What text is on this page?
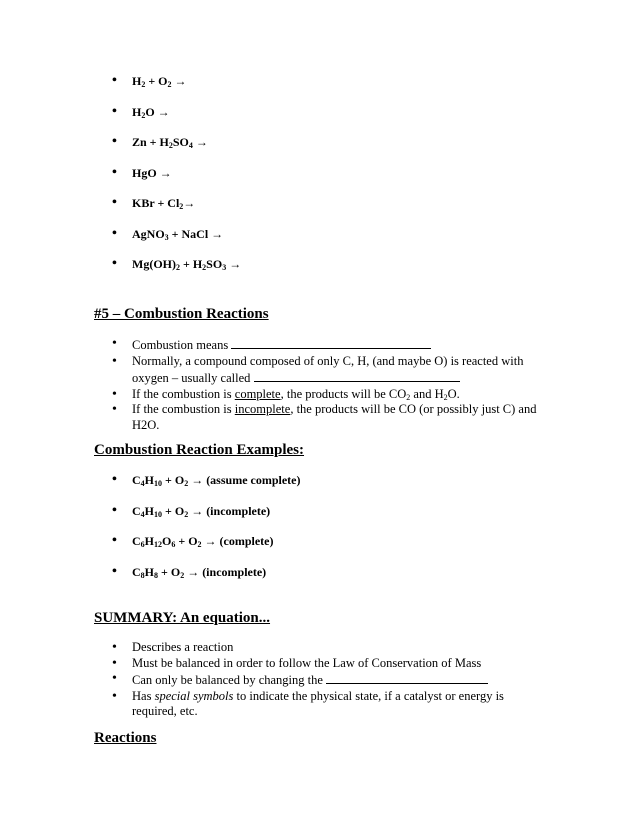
• $H_2 + O_2$ →
• $H_2O$ →
• $Zn + H_2SO_4$ →
• HgO →
• KBr + $Cl_2\to$
• AgNO$_3$ + NaCl →
• $Mg(OH)_2 + H_2SO_3$ →
#5 – Combustion Reactions
• Combustion means
• Normally, a compound composed of only C, H, (and maybe O) is reacted with oxygen – usually called
• If the combustion is complete, the products will be $CO_2$ and $H_2O$.
• If the combustion is incomplete, the products will be CO (or possibly just C) and H2O.
Combustion Reaction Examples:
• $C_4H_{10} + O_2$ → (assume complete)
• $C_4H_{10} + O_2$ → (incomplete)
• $C_6H_{12}O_6 + O_2$ → (complete)
• $C_8H_8 + O_2$ → (incomplete)
SUMMARY: An equation...
• Describes a reaction
• Must be balanced in order to follow the Law of Conservation of Mass
• Can only be balanced by changing the
• Has special symbols to indicate the physical state, if a catalyst or energy is required, etc.
Reactions
